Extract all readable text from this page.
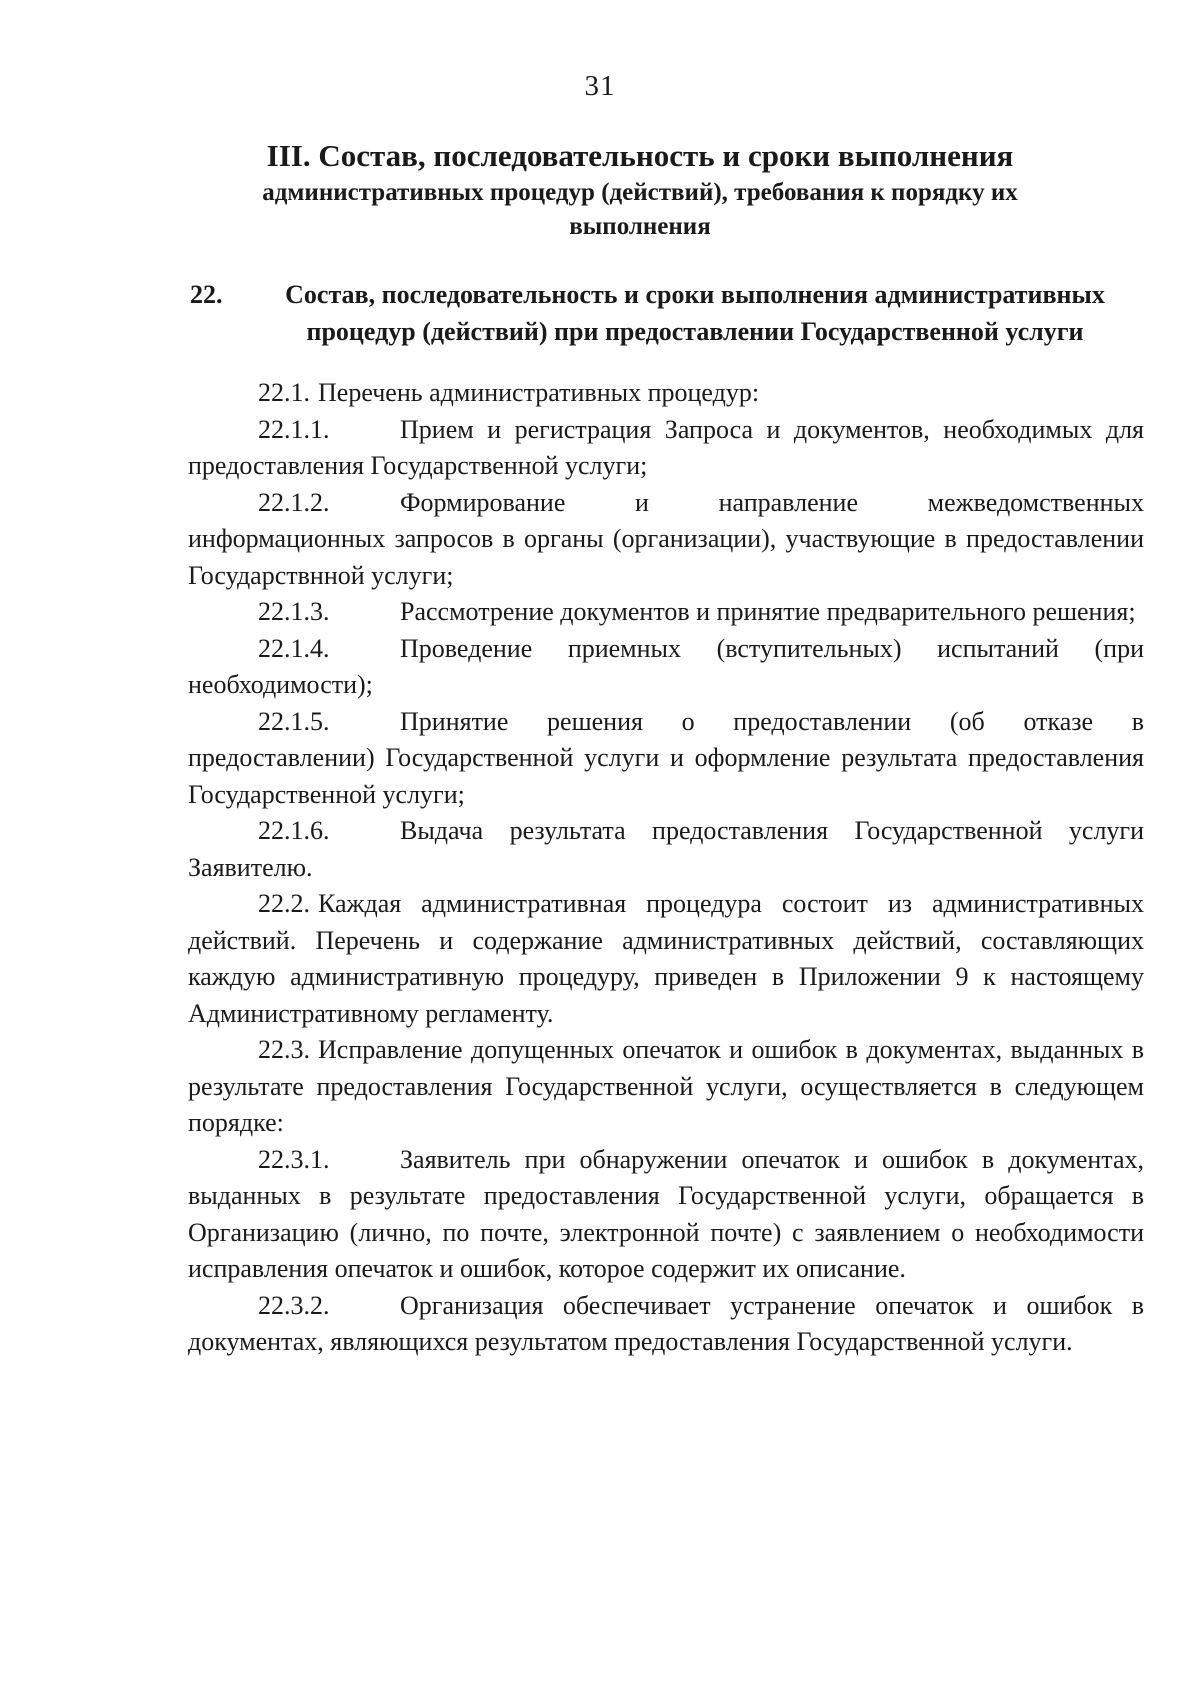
31
III. Состав, последовательность и сроки выполнения
административных процедур (действий), требования к порядку их
выполнения
22.	Состав, последовательность и сроки выполнения административных
процедур (действий) при предоставлении Государственной услуги

22.1. Перечень административных процедур:

22.1.1.	Прием и регистрация Запроса и документов, необходимых для предоставления Государственной услуги;

22.1.2.	Формирование и направление межведомственных информационных запросов в органы (организации), участвующие в предоставлении Государствнной услуги;

22.1.3.	Рассмотрение документов и принятие предварительного решения;

22.1.4.	Проведение приемных (вступительных) испытаний (при необходимости);

22.1.5.	Принятие решения о предоставлении (об отказе в предоставлении) Государственной услуги и оформление результата предоставления Государственной услуги;

22.1.6.	Выдача результата предоставления Государственной услуги Заявителю.

22.2. Каждая административная процедура состоит из административных действий. Перечень и содержание административных действий, составляющих каждую административную процедуру, приведен в Приложении 9 к настоящему Административному регламенту.

22.3. Исправление допущенных опечаток и ошибок в документах, выданных в результате предоставления Государственной услуги, осуществляется в следующем порядке:

22.3.1.	Заявитель при обнаружении опечаток и ошибок в документах, выданных в результате предоставления Государственной услуги, обращается в Организацию (лично, по почте, электронной почте) с заявлением о необходимости исправления опечаток и ошибок, которое содержит их описание.

22.3.2.	Организация обеспечивает устранение опечаток и ошибок в документах, являющихся результатом предоставления Государственной услуги.
